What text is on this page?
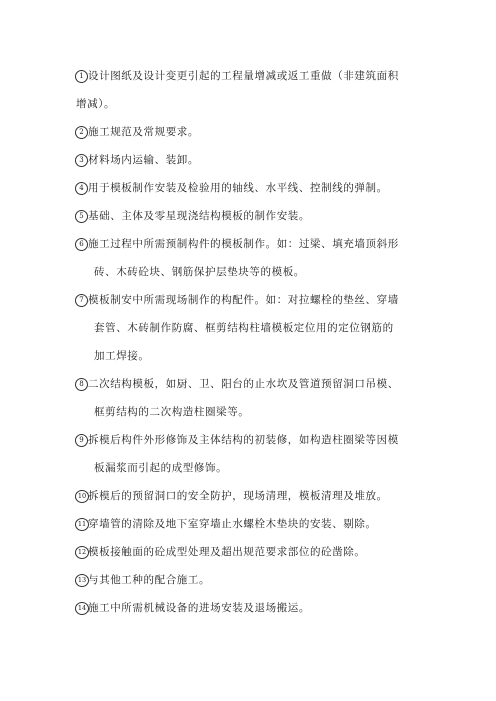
1 设计图纸及设计变更引起的工程量增减或返工重做（非建筑面积
增减）。
2 施工规范及常规要求。
3 材料场内运输、装卸。
4 用于模板制作安装及检验用的轴线、水平线、控制线的弹制。
5 基础、主体及零星现浇结构模板的制作安装。
6 施工过程中所需预制构件的模板制作。如：过梁、填充墙顶斜形
砖、木砖砼块、钢筋保护层垫块等的模板。
7 模板制安中所需现场制作的构配件。如：对拉螺栓的垫丝、穿墙
套管、木砖制作防腐、框剪结构柱墙模板定位用的定位钢筋的
加工焊接。
8 二次结构模板，如厨、卫、阳台的止水坎及管道预留洞口吊模、
框剪结构的二次构造柱圈梁等。
9 拆模后构件外形修饰及主体结构的初装修，如构造柱圈梁等因模
板漏浆而引起的成型修饰。
10 拆模后的预留洞口的安全防护，现场清理，模板清理及堆放。
11 穿墙管的清除及地下室穿墙止水螺栓木垫块的安装、剔除。
12 模板接触面的砼成型处理及超出规范要求部位的砼凿除。
13 与其他工种的配合施工。
14 施工中所需机械设备的进场安装及退场搬运。
